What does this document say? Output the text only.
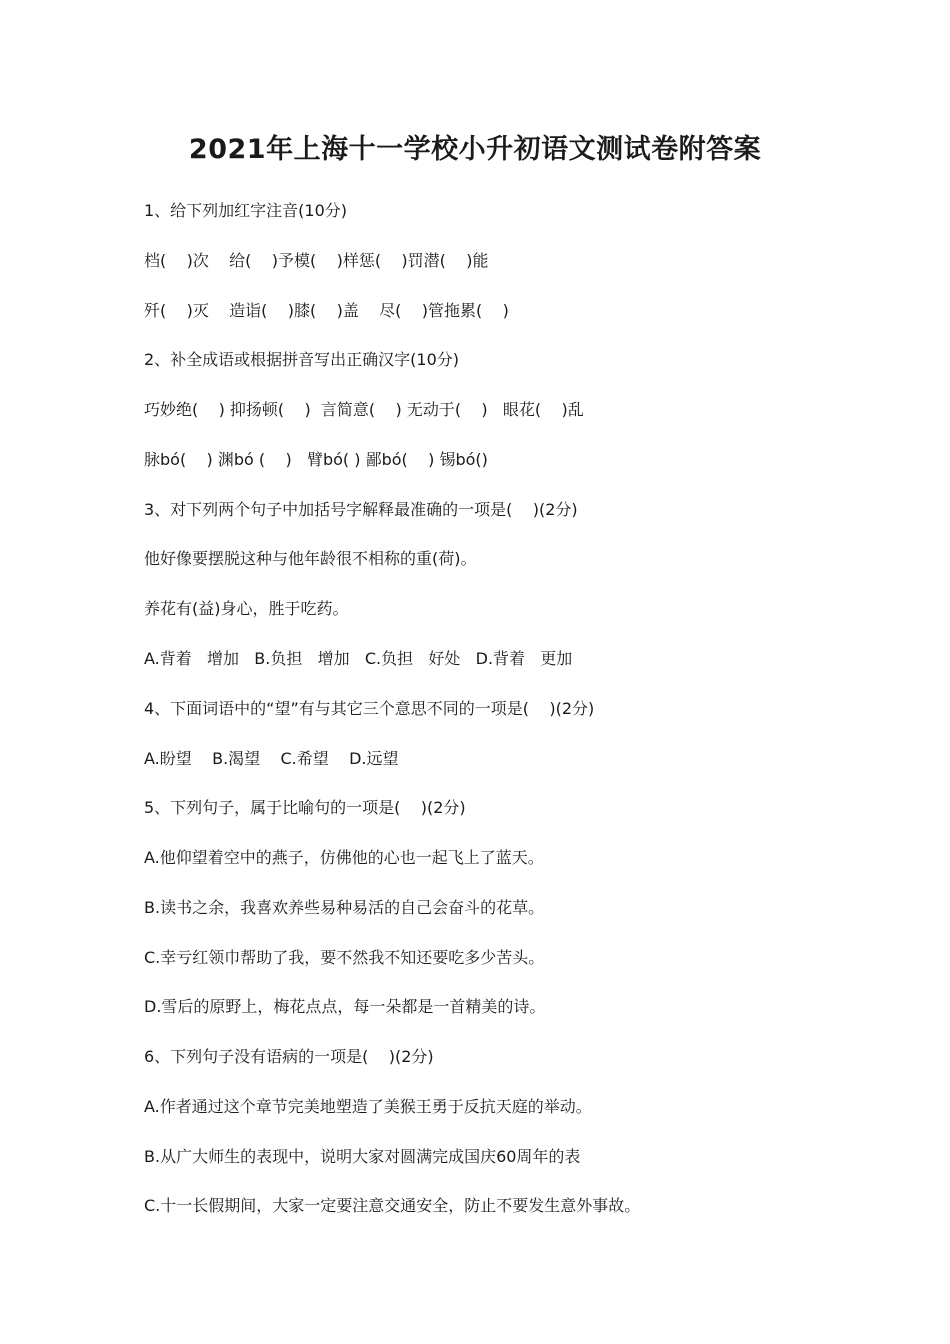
2021年上海十一学校小升初语文测试卷附答案
1、给下列加红字注音(10分)
档(    )次    给(    )予模(    )样惩(    )罚潜(    )能
歼(    )灭    造诣(    )膝(    )盖    尽(    )管拖累(    )
2、补全成语或根据拼音写出正确汉字(10分)
巧妙绝(    ) 抑扬顿(    )  言简意(    ) 无动于(    )   眼花(    )乱
脉bó(    ) 渊bó (    )   臂bó( ) 鄙bó(    ) 锡bó()
3、对下列两个句子中加括号字解释最准确的一项是(    )(2分)
他好像要摆脱这种与他年龄很不相称的重(荷)。
养花有(益)身心，胜于吃药。
A.背着   增加   B.负担   增加   C.负担   好处   D.背着   更加
4、下面词语中的“望”有与其它三个意思不同的一项是(    )(2分)
A.盼望    B.渴望    C.希望    D.远望
5、下列句子，属于比喻句的一项是(    )(2分)
A.他仰望着空中的燕子，仿佛他的心也一起飞上了蓝天。
B.读书之余，我喜欢养些易种易活的自己会奋斗的花草。
C.幸亏红领巾帮助了我，要不然我不知还要吃多少苦头。
D.雪后的原野上，梅花点点，每一朵都是一首精美的诗。
6、下列句子没有语病的一项是(    )(2分)
A.作者通过这个章节完美地塑造了美猴王勇于反抗天庭的举动。
B.从广大师生的表现中，说明大家对圆满完成国庆60周年的表
C.十一长假期间，大家一定要注意交通安全，防止不要发生意外事故。
